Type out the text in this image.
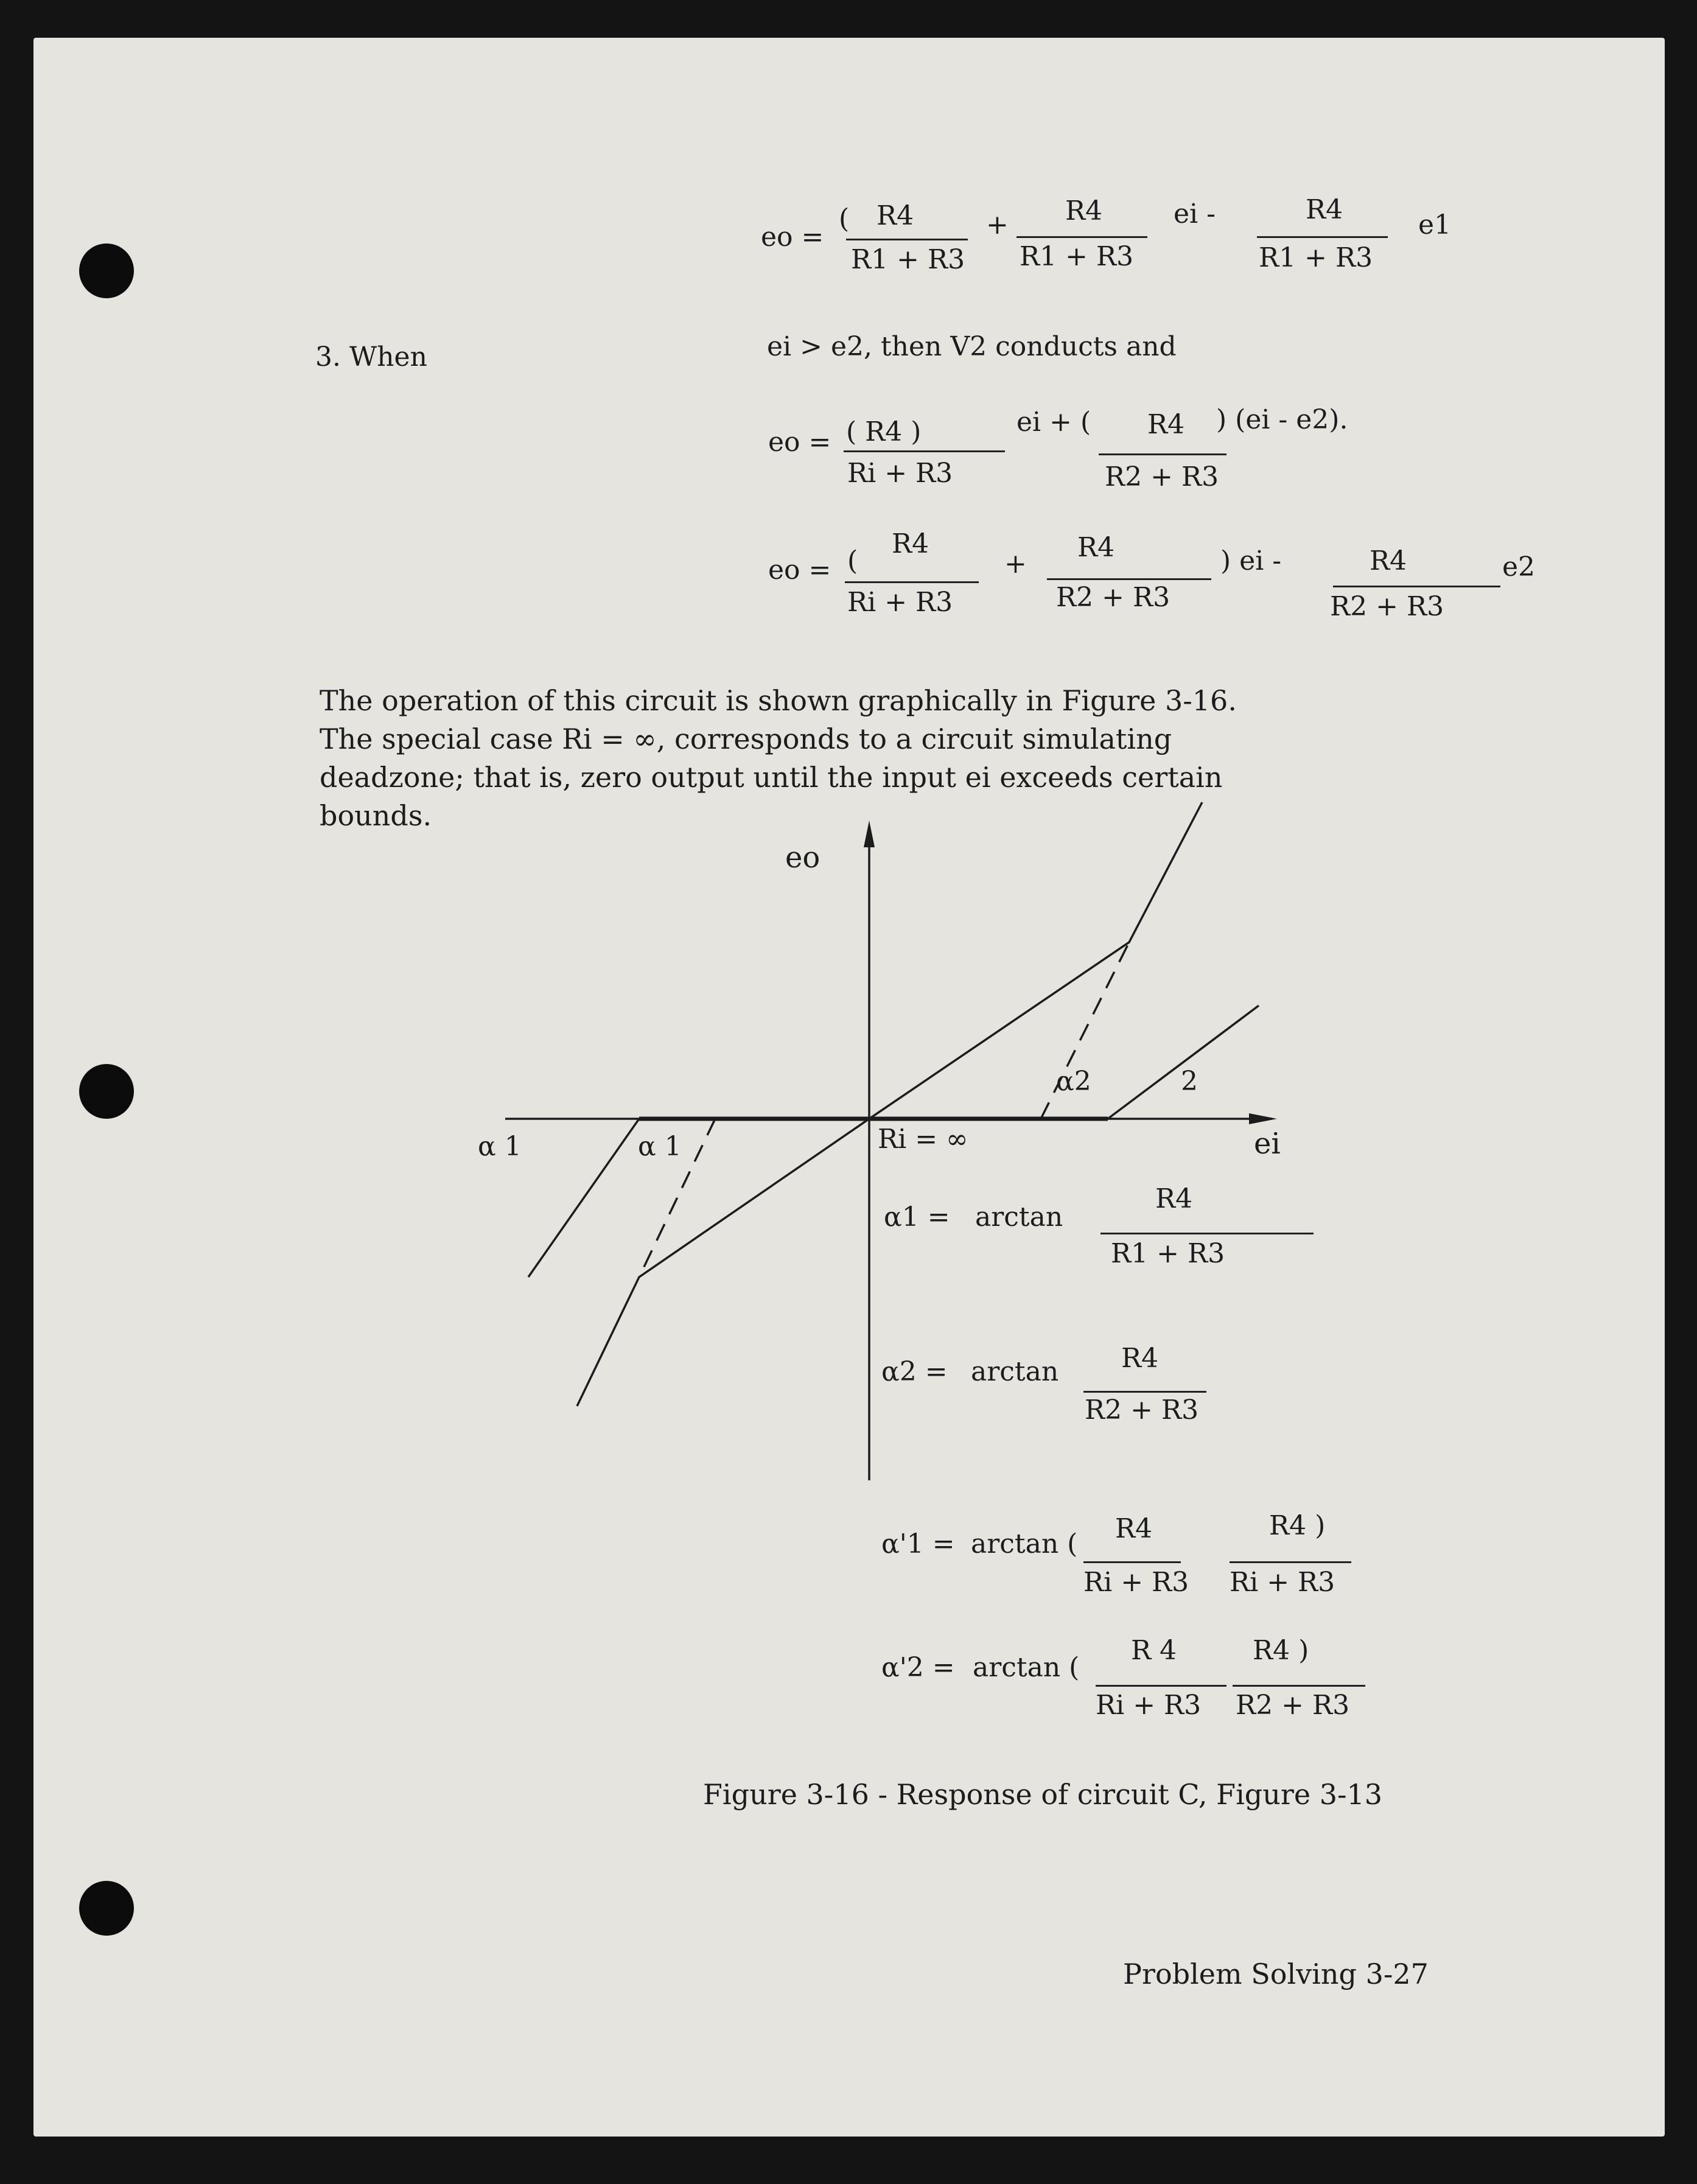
eo =
( R4
R1 + R3
+ R4
R1 + R3
ei -	R4
R1 + R3
e1
3. When	ei > e2, then V2 conducts and
eo = ( R4 )
Ri + R3
ei + ( R4
R2 + R3
) (ei - e2).
eo = (
R4
Ri + R3
+
R4
R2 + R3
) ei -	R4
R2 + R3
e2
The operation of this circuit is shown graphically in Figure 3-16.
The special case Ri = ∞, corresponds to a circuit simulating
deadzone; that is, zero output until the input ei exceeds certain
bounds.
eo
ei
α 1	α 1	Ri = ∞
α2	2
α1 = arctan
R4
R1 + R3
α2 = arctan R4
R2 + R3
α'1 = arctan ( R4
Ri + R3
R4 )
Ri + R3
α'2 = arctan (
R 4
Ri + R3
R4 )
R2 + R3
Figure 3-16 - Response of circuit C, Figure 3-13
Problem Solving 3-27
